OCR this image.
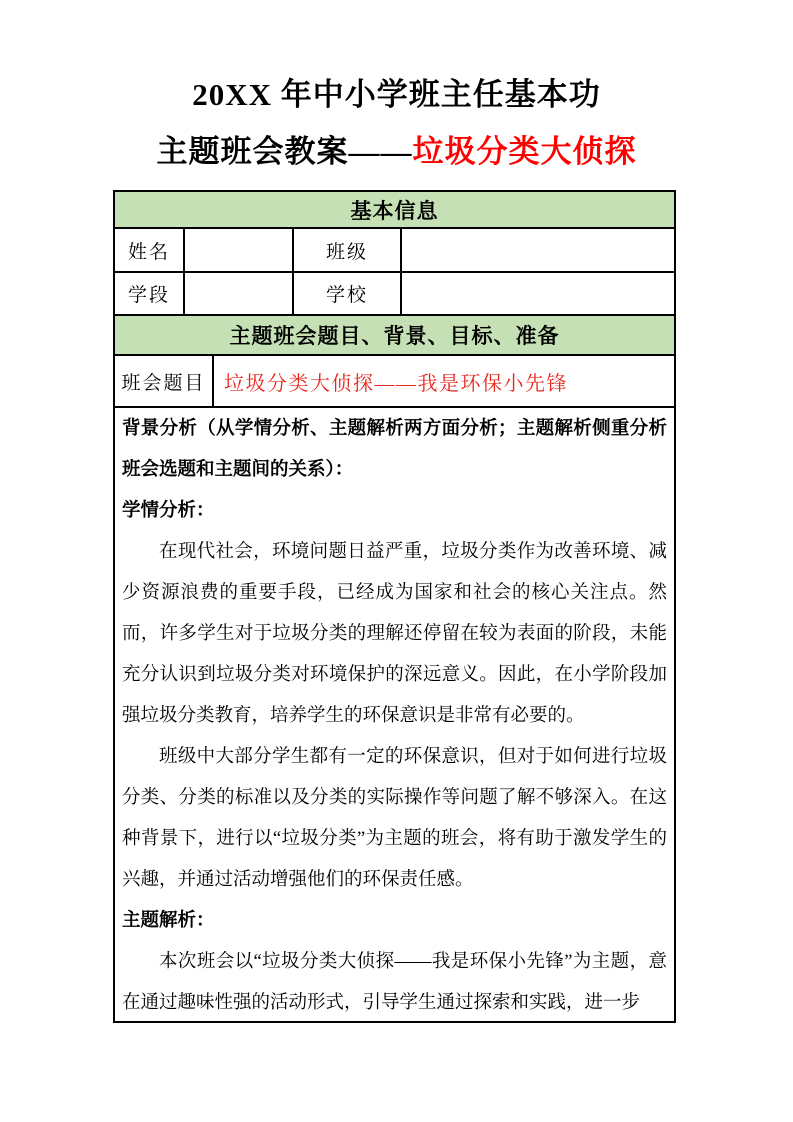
20XX 年中小学班主任基本功
主题班会教案——垃圾分类大侦探
基本信息
姓名	班级
学段	学校
主题班会题目、背景、目标、准备
班会题目 垃圾分类大侦探——我是环保小先锋

背景分析（从学情分析、主题解析两方面分析；主题解析侧重分析班会选题和主题间的关系）：

学情分析：

在现代社会，环境问题日益严重，垃圾分类作为改善环境、减少资源浪费的重要手段，已经成为国家和社会的核心关注点。然而，许多学生对于垃圾分类的理解还停留在较为表面的阶段，未能充分认识到垃圾分类对环境保护的深远意义。因此，在小学阶段加强垃圾分类教育，培养学生的环保意识是非常有必要的。

班级中大部分学生都有一定的环保意识，但对于如何进行垃圾分类、分类的标准以及分类的实际操作等问题了解不够深入。在这种背景下，进行以“垃圾分类”为主题的班会，将有助于激发学生的兴趣，并通过活动增强他们的环保责任感。

主题解析：

本次班会以“垃圾分类大侦探——我是环保小先锋”为主题，意在通过趣味性强的活动形式，引导学生通过探索和实践，进一步
